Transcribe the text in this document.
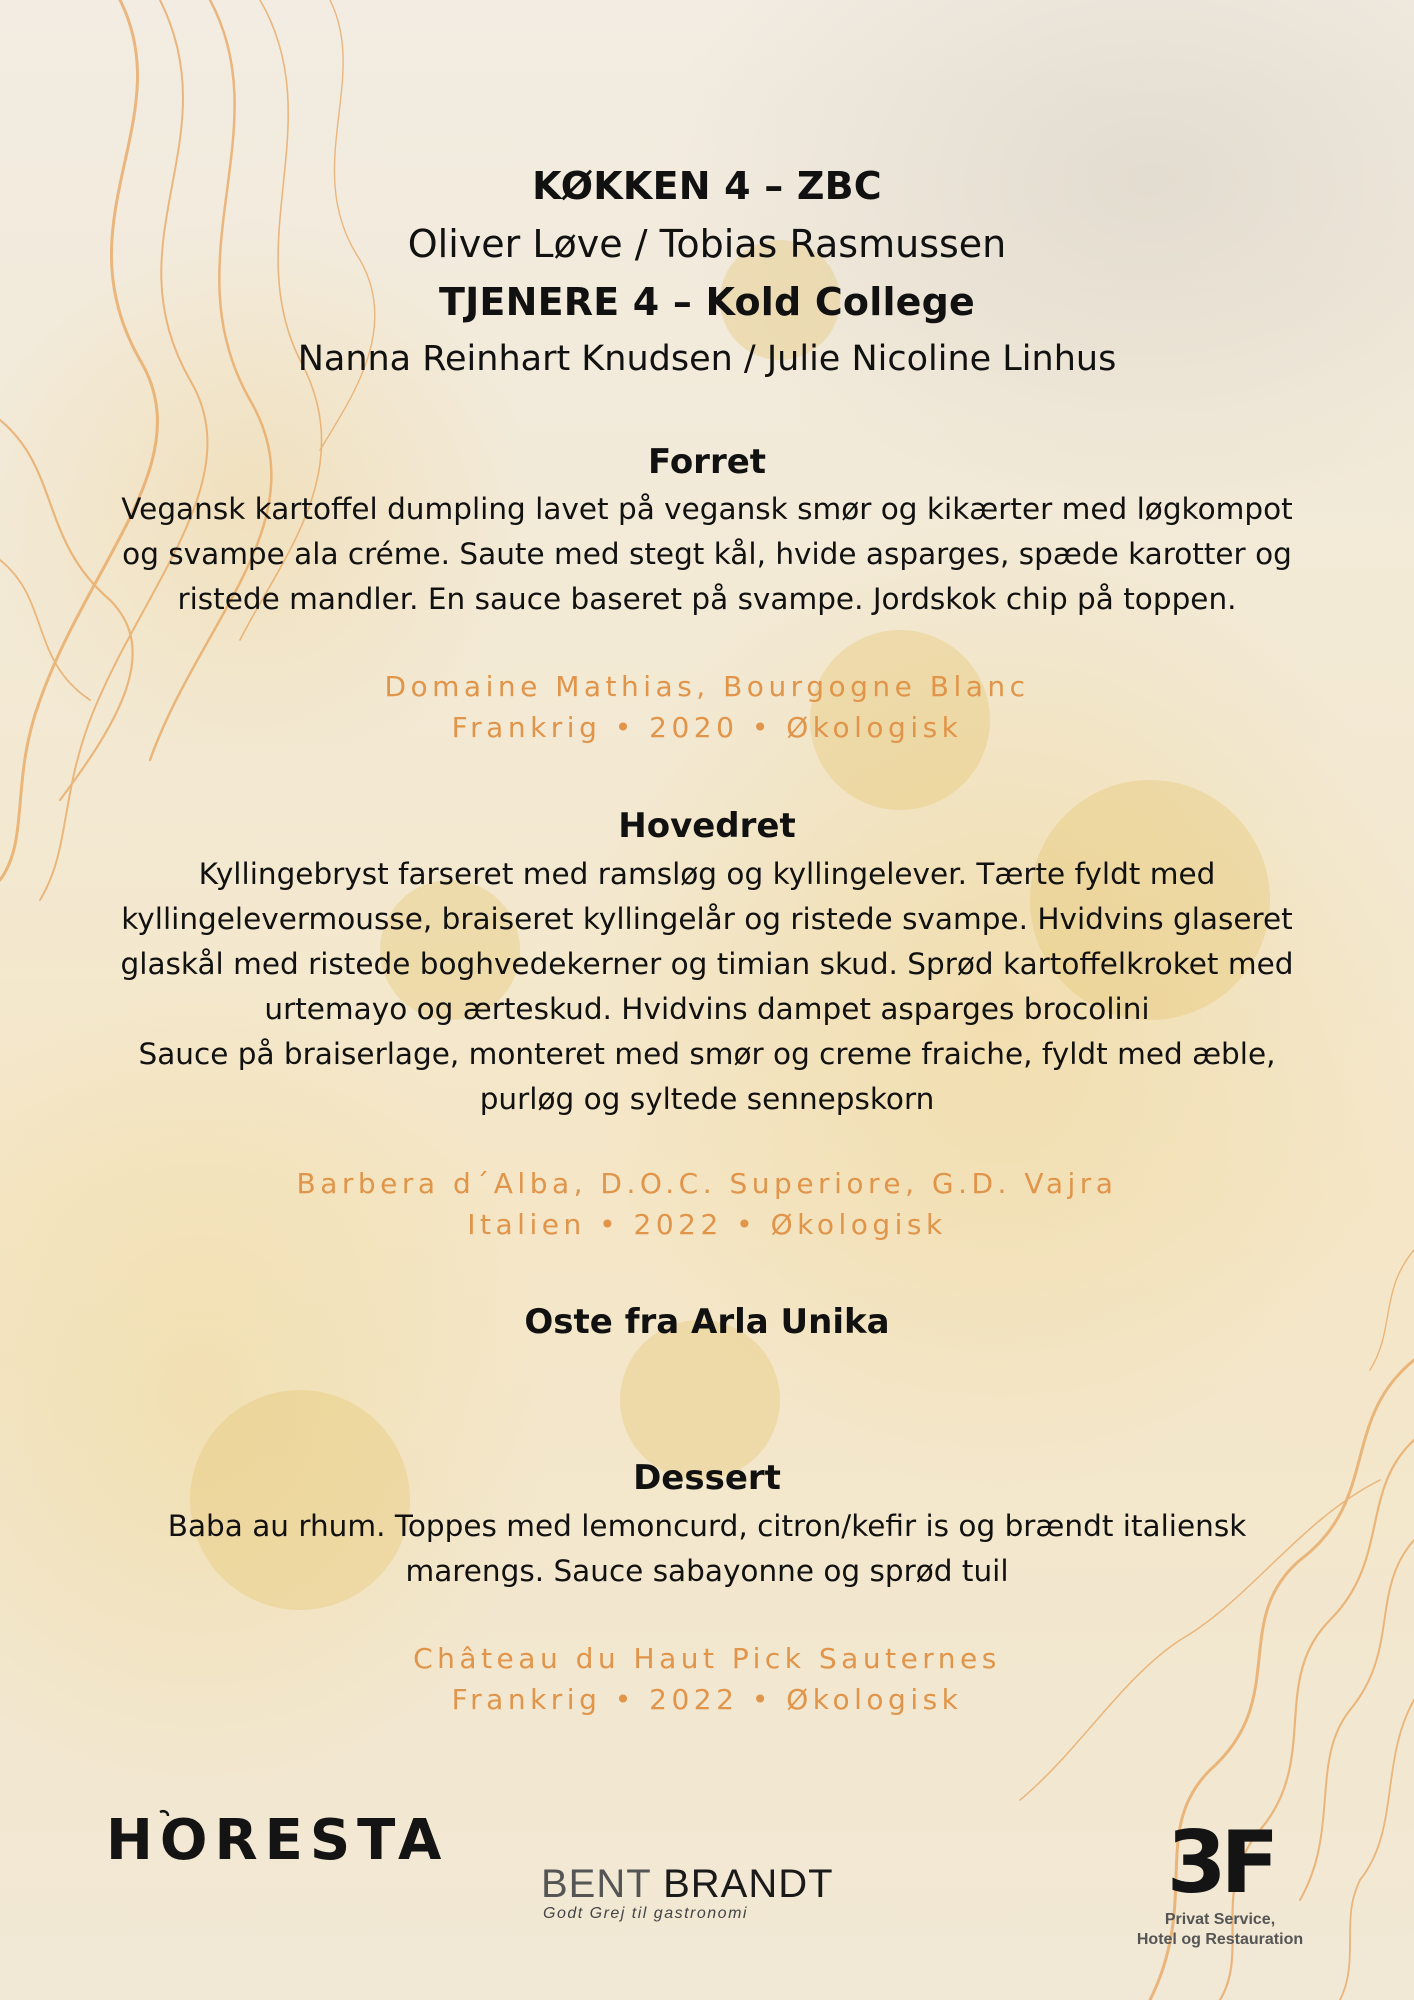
KØKKEN 4 – ZBC
Oliver Løve / Tobias Rasmussen
TJENERE 4 – Kold College
Nanna Reinhart Knudsen / Julie Nicoline Linhus
Forret
Vegansk kartoffel dumpling lavet på vegansk smør og kikærter med løgkompot
og svampe ala créme. Saute med stegt kål, hvide asparges, spæde karotter og
ristede mandler. En sauce baseret på svampe. Jordskok chip på toppen.
Domaine Mathias, Bourgogne Blanc
Frankrig • 2020 • Økologisk
Hovedret
Kyllingebryst farseret med ramsløg og kyllingelever. Tærte fyldt med
kyllingelevermousse, braiseret kyllingelår og ristede svampe. Hvidvins glaseret
glaskål med ristede boghvedekerner og timian skud. Sprød kartoffelkroket med
urtemayo og ærteskud. Hvidvins dampet asparges brocolini
Sauce på braiserlage, monteret med smør og creme fraiche, fyldt med æble,
purløg og syltede sennepskorn
Barbera d´Alba, D.O.C. Superiore, G.D. Vajra
Italien • 2022 • Økologisk
Oste fra Arla Unika
Dessert
Baba au rhum. Toppes med lemoncurd, citron/kefir is og brændt italiensk
marengs. Sauce sabayonne og sprød tuil
Château du Haut Pick Sauternes
Frankrig • 2022 • Økologisk
HORESTA
BENT BRANDT
Godt Grej til gastronomi
3F
Privat Service,
Hotel og Restauration
